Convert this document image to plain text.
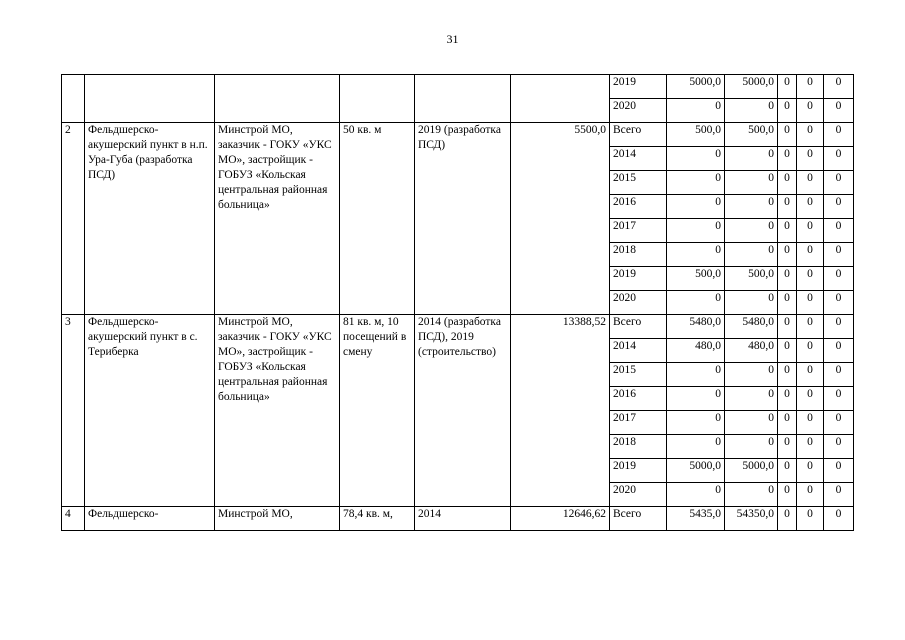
31
						2019	5000,0	5000,0	0	0	0
						2020	0	0	0	0	0
2	Фельдшерско-акушерский пункт в н.п. Ура-Губа (разработка ПСД)	Минстрой МО, заказчик - ГОКУ «УКС МО», застройщик - ГОБУЗ «Кольская центральная районная больница»	50 кв. м	2019 (разработка ПСД)	5500,0	Всего	500,0	500,0	0	0	0
						2014	0	0	0	0	0
						2015	0	0	0	0	0
						2016	0	0	0	0	0
						2017	0	0	0	0	0
						2018	0	0	0	0	0
						2019	500,0	500,0	0	0	0
						2020	0	0	0	0	0
3	Фельдшерско-акушерский пункт в с. Териберка	Минстрой МО, заказчик - ГОКУ «УКС МО», застройщик - ГОБУЗ «Кольская центральная районная больница»	81 кв. м, 10 посещений в смену	2014 (разработка ПСД), 2019 (строительство)	13388,52	Всего	5480,0	5480,0	0	0	0
						2014	480,0	480,0	0	0	0
						2015	0	0	0	0	0
						2016	0	0	0	0	0
						2017	0	0	0	0	0
						2018	0	0	0	0	0
						2019	5000,0	5000,0	0	0	0
						2020	0	0	0	0	0
4	Фельдшерско-	Минстрой МО,	78,4 кв. м,	2014	12646,62	Всего	5435,0	54350,0	0	0	0
